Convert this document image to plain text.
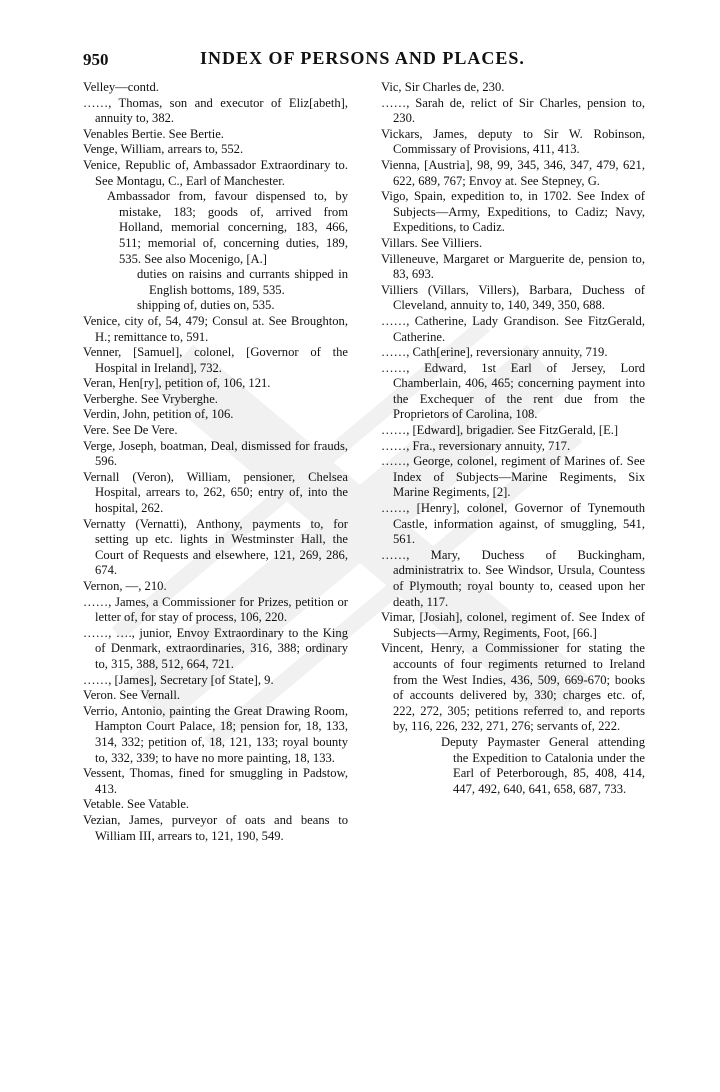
950	INDEX OF PERSONS AND PLACES.
Velley—contd.
……, Thomas, son and executor of Eliz[abeth], annuity to, 382.
Venables Bertie. See Bertie.
Venge, William, arrears to, 552.
Venice, Republic of, Ambassador Extraordinary to. See Montagu, C., Earl of Manchester.
Ambassador from, favour dispensed to, by mistake, 183; goods of, arrived from Holland, memorial concerning, 183, 466, 511; memorial of, concerning duties, 189, 535. See also Mocenigo, [A.]
duties on raisins and currants shipped in English bottoms, 189, 535.
shipping of, duties on, 535.
Venice, city of, 54, 479; Consul at. See Broughton, H.; remittance to, 591.
Venner, [Samuel], colonel, [Governor of the Hospital in Ireland], 732.
Veran, Hen[ry], petition of, 106, 121.
Verberghe. See Vryberghe.
Verdin, John, petition of, 106.
Vere. See De Vere.
Verge, Joseph, boatman, Deal, dismissed for frauds, 596.
Vernall (Veron), William, pensioner, Chelsea Hospital, arrears to, 262, 650; entry of, into the hospital, 262.
Vernatty (Vernatti), Anthony, payments to, for setting up etc. lights in Westminster Hall, the Court of Requests and elsewhere, 121, 269, 286, 674.
Vernon, —, 210.
……, James, a Commissioner for Prizes, petition or letter of, for stay of process, 106, 220.
……, …., junior, Envoy Extraordinary to the King of Denmark, extraordinaries, 316, 388; ordinary to, 315, 388, 512, 664, 721.
……, [James], Secretary [of State], 9.
Veron. See Vernall.
Verrio, Antonio, painting the Great Drawing Room, Hampton Court Palace, 18; pension for, 18, 133, 314, 332; petition of, 18, 121, 133; royal bounty to, 332, 339; to have no more painting, 18, 133.
Vessent, Thomas, fined for smuggling in Padstow, 413.
Vetable. See Vatable.
Vezian, James, purveyor of oats and beans to William III, arrears to, 121, 190, 549.
Vic, Sir Charles de, 230.
……, Sarah de, relict of Sir Charles, pension to, 230.
Vickars, James, deputy to Sir W. Robinson, Commissary of Provisions, 411, 413.
Vienna, [Austria], 98, 99, 345, 346, 347, 479, 621, 622, 689, 767; Envoy at. See Stepney, G.
Vigo, Spain, expedition to, in 1702. See Index of Subjects—Army, Expeditions, to Cadiz; Navy, Expeditions, to Cadiz.
Villars. See Villiers.
Villeneuve, Margaret or Marguerite de, pension to, 83, 693.
Villiers (Villars, Villers), Barbara, Duchess of Cleveland, annuity to, 140, 349, 350, 688.
……, Catherine, Lady Grandison. See FitzGerald, Catherine.
……, Cath[erine], reversionary annuity, 719.
……, Edward, 1st Earl of Jersey, Lord Chamberlain, 406, 465; concerning payment into the Exchequer of the rent due from the Proprietors of Carolina, 108.
……, [Edward], brigadier. See FitzGerald, [E.]
……, Fra., reversionary annuity, 717.
……, George, colonel, regiment of Marines of. See Index of Subjects—Marine Regiments, Six Marine Regiments, [2].
……, [Henry], colonel, Governor of Tynemouth Castle, information against, of smuggling, 541, 561.
……, Mary, Duchess of Buckingham, administratrix to. See Windsor, Ursula, Countess of Plymouth; royal bounty to, ceased upon her death, 117.
Vimar, [Josiah], colonel, regiment of. See Index of Subjects—Army, Regiments, Foot, [66.]
Vincent, Henry, a Commissioner for stating the accounts of four regiments returned to Ireland from the West Indies, 436, 509, 669-670; books of accounts delivered by, 330; charges etc. of, 222, 272, 305; petitions referred to, and reports by, 116, 226, 232, 271, 276; servants of, 222.
Deputy Paymaster General attending the Expedition to Catalonia under the Earl of Peterborough, 85, 408, 414, 447, 492, 640, 641, 658, 687, 733.
